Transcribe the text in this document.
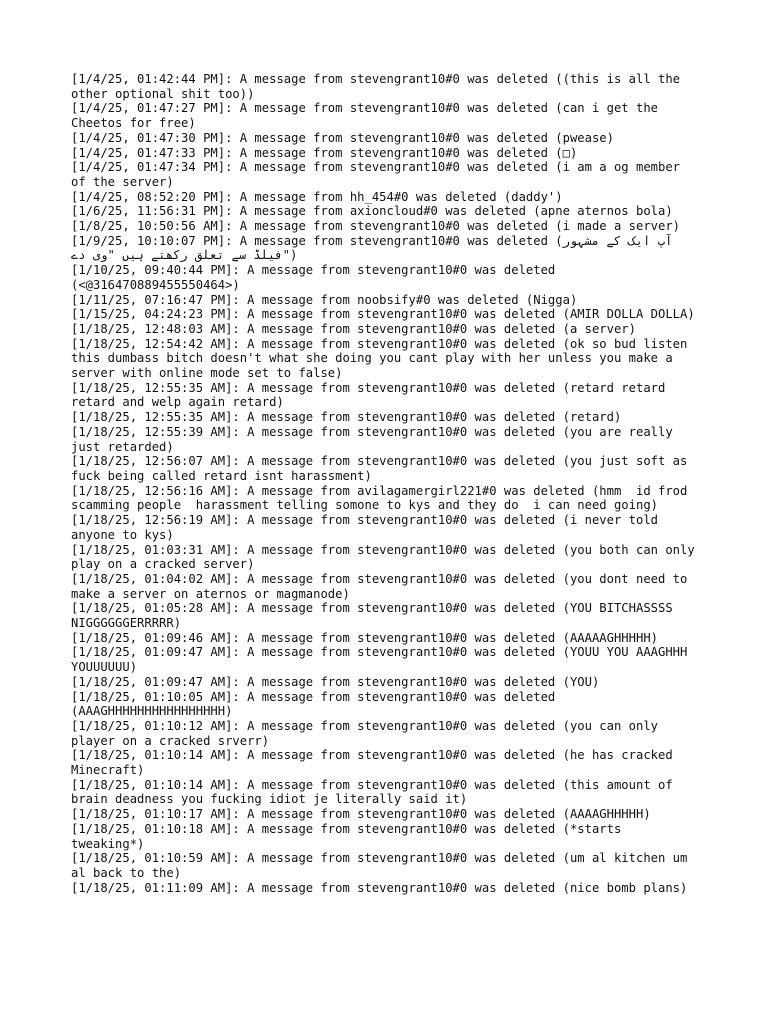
[1/4/25, 01:42:44 PM]: A message from stevengrant10#0 was deleted ((this is all the other optional shit too))

[1/4/25, 01:47:27 PM]: A message from stevengrant10#0 was deleted (can i get the Cheetos for free)

[1/4/25, 01:47:30 PM]: A message from stevengrant10#0 was deleted (pwease)

[1/4/25, 01:47:33 PM]: A message from stevengrant10#0 was deleted (□)

[1/4/25, 01:47:34 PM]: A message from stevengrant10#0 was deleted (i am a og member of the server)

[1/4/25, 08:52:20 PM]: A message from hh_454#0 was deleted (daddy')

[1/6/25, 11:56:31 PM]: A message from axioncloud#0 was deleted (apne aternos bola)

[1/8/25, 10:50:56 AM]: A message from stevengrant10#0 was deleted (i made a server)

[1/9/25, 10:10:07 PM]: A message from stevengrant10#0 was deleted (آپ ایک کے مشہور فیلڈ سے تعلق رکھتے ہیں "وی دے")

[1/10/25, 09:40:44 PM]: A message from stevengrant10#0 was deleted (<@316470889455550464>)

[1/11/25, 07:16:47 PM]: A message from noobsify#0 was deleted (Nigga)

[1/15/25, 04:24:23 PM]: A message from stevengrant10#0 was deleted (AMIR DOLLA DOLLA)

[1/18/25, 12:48:03 AM]: A message from stevengrant10#0 was deleted (a server)

[1/18/25, 12:54:42 AM]: A message from stevengrant10#0 was deleted (ok so bud listen this dumbass bitch doesn't what she doing you cant play with her unless you make a server with online mode set to false)

[1/18/25, 12:55:35 AM]: A message from stevengrant10#0 was deleted (retard retard retard and welp again retard)

[1/18/25, 12:55:35 AM]: A message from stevengrant10#0 was deleted (retard)

[1/18/25, 12:55:39 AM]: A message from stevengrant10#0 was deleted (you are really just retarded)

[1/18/25, 12:56:07 AM]: A message from stevengrant10#0 was deleted (you just soft as fuck being called retard isnt harassment)

[1/18/25, 12:56:16 AM]: A message from avilagamergirl221#0 was deleted (hmm  id frod scamming people  harassment telling somone to kys and they do  i can need going)

[1/18/25, 12:56:19 AM]: A message from stevengrant10#0 was deleted (i never told anyone to kys)

[1/18/25, 01:03:31 AM]: A message from stevengrant10#0 was deleted (you both can only play on a cracked server)

[1/18/25, 01:04:02 AM]: A message from stevengrant10#0 was deleted (you dont need to make a server on aternos or magmanode)

[1/18/25, 01:05:28 AM]: A message from stevengrant10#0 was deleted (YOU BITCHASSSS NIGGGGGGERRRRR)

[1/18/25, 01:09:46 AM]: A message from stevengrant10#0 was deleted (AAAAAGHHHHH)

[1/18/25, 01:09:47 AM]: A message from stevengrant10#0 was deleted (YOUU YOU AAAGHHH YOUUUUUU)

[1/18/25, 01:09:47 AM]: A message from stevengrant10#0 was deleted (YOU)

[1/18/25, 01:10:05 AM]: A message from stevengrant10#0 was deleted (AAAGHHHHHHHHHHHHHHHH)

[1/18/25, 01:10:12 AM]: A message from stevengrant10#0 was deleted (you can only player on a cracked srverr)

[1/18/25, 01:10:14 AM]: A message from stevengrant10#0 was deleted (he has cracked Minecraft)

[1/18/25, 01:10:14 AM]: A message from stevengrant10#0 was deleted (this amount of brain deadness you fucking idiot je literally said it)

[1/18/25, 01:10:17 AM]: A message from stevengrant10#0 was deleted (AAAAGHHHHH)

[1/18/25, 01:10:18 AM]: A message from stevengrant10#0 was deleted (*starts tweaking*)

[1/18/25, 01:10:59 AM]: A message from stevengrant10#0 was deleted (um al kitchen um al back to the)

[1/18/25, 01:11:09 AM]: A message from stevengrant10#0 was deleted (nice bomb plans)
